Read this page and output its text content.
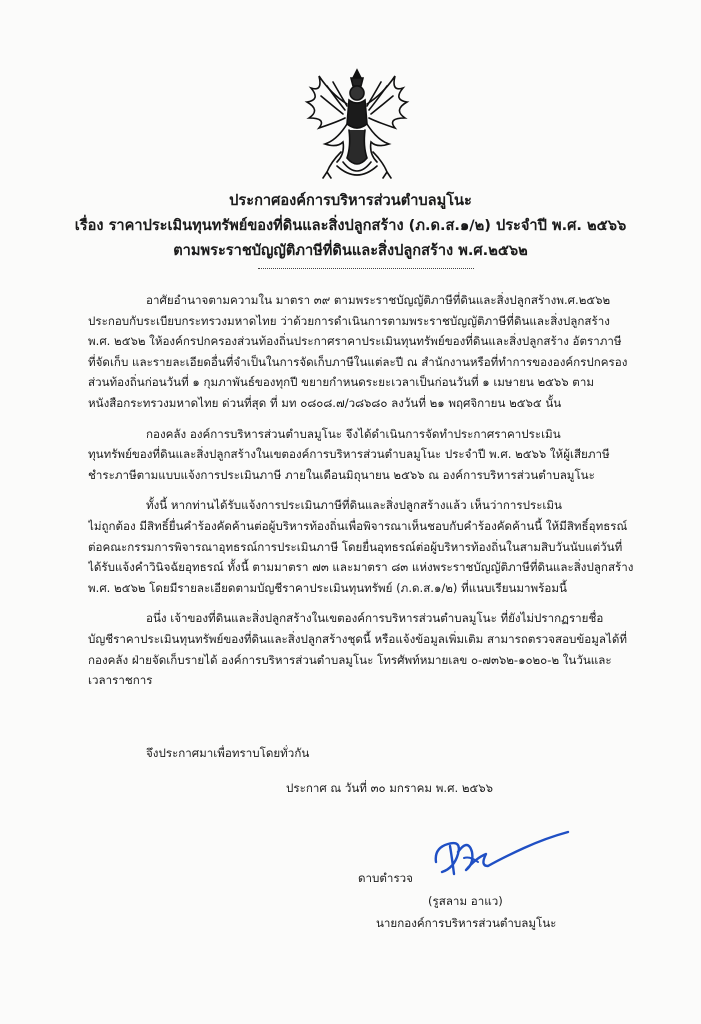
ประกาศองค์การบริหารส่วนตำบลมูโนะ
เรื่อง ราคาประเมินทุนทรัพย์ของที่ดินและสิ่งปลูกสร้าง (ภ.ด.ส.๑/๒) ประจำปี พ.ศ. ๒๕๖๖
ตามพระราชบัญญัติภาษีที่ดินและสิ่งปลูกสร้าง พ.ศ.๒๕๖๒

อาศัยอำนาจตามความใน มาตรา ๓๙ ตามพระราชบัญญัติภาษีที่ดินและสิ่งปลูกสร้างพ.ศ.๒๕๖๒
ประกอบกับระเบียบกระทรวงมหาดไทย ว่าด้วยการดำเนินการตามพระราชบัญญัติภาษีที่ดินและสิ่งปลูกสร้าง
พ.ศ. ๒๕๖๒ ให้องค์กรปกครองส่วนท้องถิ่นประกาศราคาประเมินทุนทรัพย์ของที่ดินและสิ่งปลูกสร้าง อัตราภาษี
ที่จัดเก็บ และรายละเอียดอื่นที่จำเป็นในการจัดเก็บภาษีในแต่ละปี ณ สำนักงานหรือที่ทำการขององค์กรปกครอง
ส่วนท้องถิ่นก่อนวันที่ ๑ กุมภาพันธ์ของทุกปี ขยายกำหนดระยะเวลาเป็นก่อนวันที่ ๑ เมษายน ๒๕๖๖ ตาม
หนังสือกระทรวงมหาดไทย ด่วนที่สุด ที่ มท ๐๘๐๘.๗/ว๘๖๘๐ ลงวันที่ ๒๑ พฤศจิกายน ๒๕๖๕ นั้น

กองคลัง องค์การบริหารส่วนตำบลมูโนะ จึงได้ดำเนินการจัดทำประกาศราคาประเมิน
ทุนทรัพย์ของที่ดินและสิ่งปลูกสร้างในเขตองค์การบริหารส่วนตำบลมูโนะ ประจำปี พ.ศ. ๒๕๖๖ ให้ผู้เสียภาษี
ชำระภาษีตามแบบแจ้งการประเมินภาษี ภายในเดือนมิถุนายน ๒๕๖๖ ณ องค์การบริหารส่วนตำบลมูโนะ

ทั้งนี้ หากท่านได้รับแจ้งการประเมินภาษีที่ดินและสิ่งปลูกสร้างแล้ว เห็นว่าการประเมิน
ไม่ถูกต้อง มีสิทธิ์ยื่นคำร้องคัดค้านต่อผู้บริหารท้องถิ่นเพื่อพิจารณาเห็นชอบกับคำร้องคัดค้านนี้ ให้มีสิทธิ์อุทธรณ์
ต่อคณะกรรมการพิจารณาอุทธรณ์การประเมินภาษี โดยยื่นอุทธรณ์ต่อผู้บริหารท้องถิ่นในสามสิบวันนับแต่วันที่
ได้รับแจ้งคำวินิจฉัยอุทธรณ์ ทั้งนี้ ตามมาตรา ๗๓ และมาตรา ๘๓ แห่งพระราชบัญญัติภาษีที่ดินและสิ่งปลูกสร้าง
พ.ศ. ๒๕๖๒ โดยมีรายละเอียดตามบัญชีราคาประเมินทุนทรัพย์ (ภ.ด.ส.๑/๒) ที่แนบเรียนมาพร้อมนี้

อนึ่ง เจ้าของที่ดินและสิ่งปลูกสร้างในเขตองค์การบริหารส่วนตำบลมูโนะ ที่ยังไม่ปรากฏรายชื่อ
บัญชีราคาประเมินทุนทรัพย์ของที่ดินและสิ่งปลูกสร้างชุดนี้ หรือแจ้งข้อมูลเพิ่มเติม สามารถตรวจสอบข้อมูลได้ที่
กองคลัง ฝ่ายจัดเก็บรายได้ องค์การบริหารส่วนตำบลมูโนะ โทรศัพท์หมายเลข ๐-๗๓๖๒-๑๐๒๐-๒ ในวันและ
เวลาราชการ

จึงประกาศมาเพื่อทราบโดยทั่วกัน
ประกาศ ณ วันที่ ๓๐ มกราคม พ.ศ. ๒๕๖๖
ดาบตำรวจ
(รูสลาม อาแว)
นายกองค์การบริหารส่วนตำบลมูโนะ
